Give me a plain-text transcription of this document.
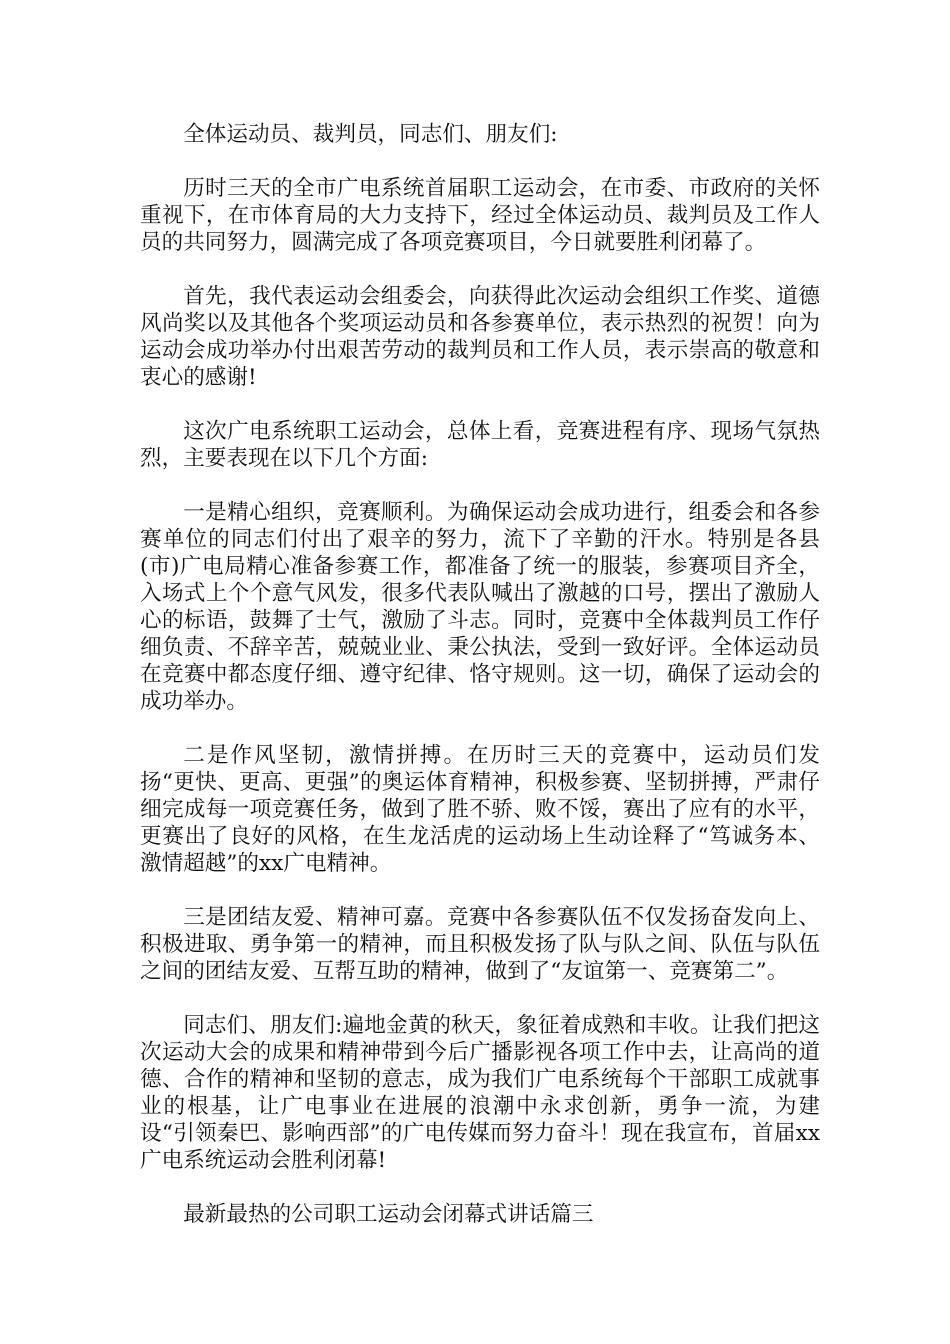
全体运动员、裁判员，同志们、朋友们:

历时三天的全市广电系统首届职工运动会，在市委、市政府的关怀重视下，在市体育局的大力支持下，经过全体运动员、裁判员及工作人员的共同努力，圆满完成了各项竞赛项目，今日就要胜利闭幕了。

首先，我代表运动会组委会，向获得此次运动会组织工作奖、道德风尚奖以及其他各个奖项运动员和各参赛单位，表示热烈的祝贺！向为运动会成功举办付出艰苦劳动的裁判员和工作人员，表示崇高的敬意和衷心的感谢!

这次广电系统职工运动会，总体上看，竞赛进程有序、现场气氛热烈，主要表现在以下几个方面:

一是精心组织，竞赛顺利。为确保运动会成功进行，组委会和各参赛单位的同志们付出了艰辛的努力，流下了辛勤的汗水。特别是各县(市)广电局精心准备参赛工作，都准备了统一的服装，参赛项目齐全，入场式上个个意气风发，很多代表队喊出了激越的口号，摆出了激励人心的标语，鼓舞了士气，激励了斗志。同时，竞赛中全体裁判员工作仔细负责、不辞辛苦，兢兢业业、秉公执法，受到一致好评。全体运动员在竞赛中都态度仔细、遵守纪律、恪守规则。这一切，确保了运动会的成功举办。

二是作风坚韧，激情拼搏。在历时三天的竞赛中，运动员们发扬“更快、更高、更强”的奥运体育精神，积极参赛、坚韧拼搏，严肃仔细完成每一项竞赛任务，做到了胜不骄、败不馁，赛出了应有的水平，更赛出了良好的风格，在生龙活虎的运动场上生动诠释了“笃诚务本、激情超越”的xx广电精神。

三是团结友爱、精神可嘉。竞赛中各参赛队伍不仅发扬奋发向上、积极进取、勇争第一的精神，而且积极发扬了队与队之间、队伍与队伍之间的团结友爱、互帮互助的精神，做到了“友谊第一、竞赛第二”。

同志们、朋友们:遍地金黄的秋天，象征着成熟和丰收。让我们把这次运动大会的成果和精神带到今后广播影视各项工作中去，让高尚的道德、合作的精神和坚韧的意志，成为我们广电系统每个干部职工成就事业的根基，让广电事业在进展的浪潮中永求创新，勇争一流，为建设“引领秦巴、影响西部”的广电传媒而努力奋斗！现在我宣布，首届xx广电系统运动会胜利闭幕!

最新最热的公司职工运动会闭幕式讲话篇三
